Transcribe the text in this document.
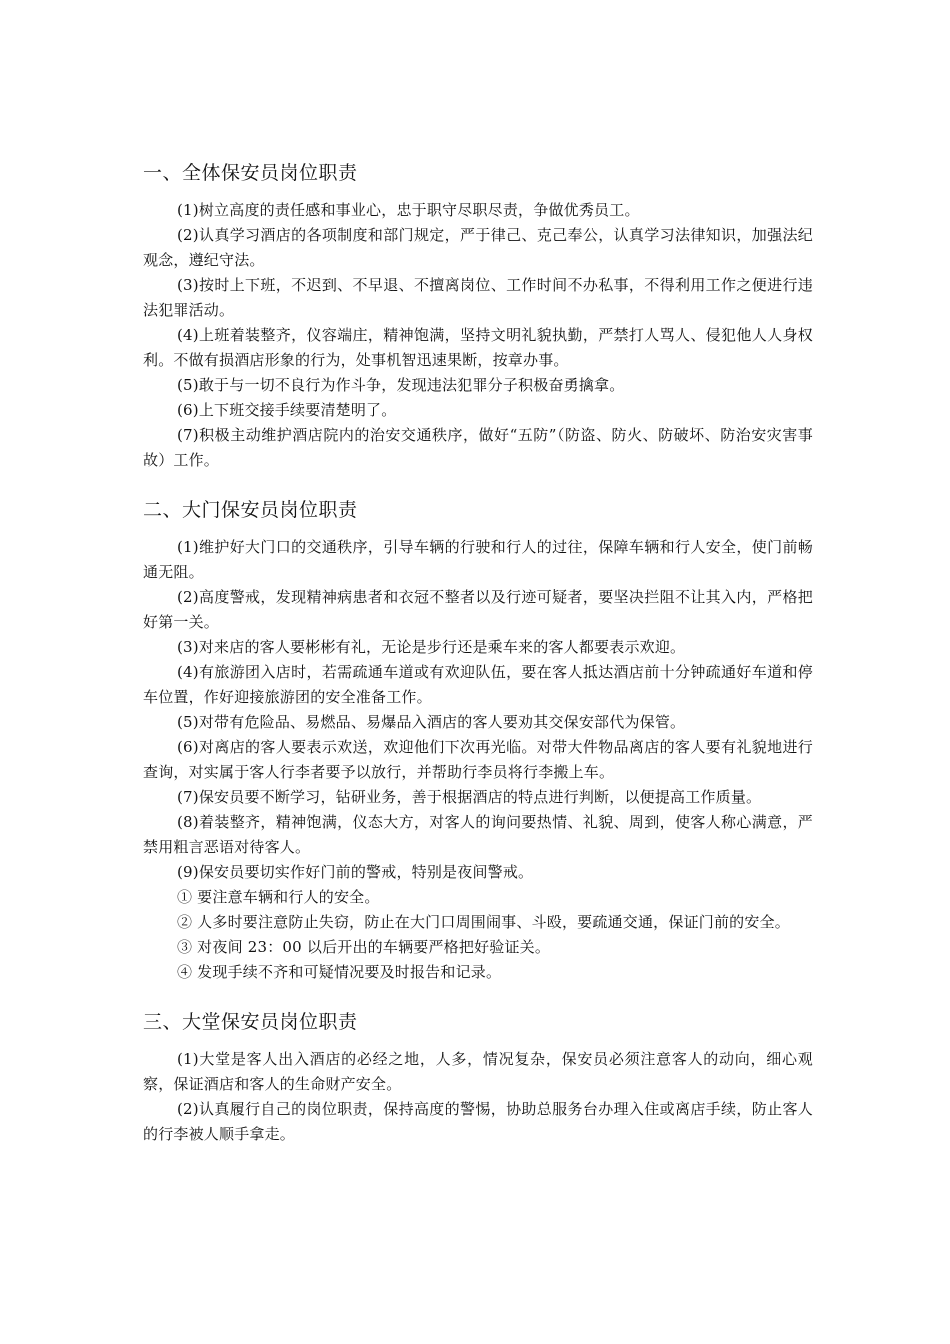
一、全体保安员岗位职责

(1)树立高度的责任感和事业心，忠于职守尽职尽责，争做优秀员工。

(2)认真学习酒店的各项制度和部门规定，严于律己、克己奉公，认真学习法律知识，加强法纪观念，遵纪守法。

(3)按时上下班，不迟到、不早退、不擅离岗位、工作时间不办私事，不得利用工作之便进行违法犯罪活动。

(4)上班着装整齐，仪容端庄，精神饱满，坚持文明礼貌执勤，严禁打人骂人、侵犯他人人身权利。不做有损酒店形象的行为，处事机智迅速果断，按章办事。

(5)敢于与一切不良行为作斗争，发现违法犯罪分子积极奋勇擒拿。

(6)上下班交接手续要清楚明了。

(7)积极主动维护酒店院内的治安交通秩序，做好“五防”（防盗、防火、防破坏、防治安灾害事故）工作。

二、大门保安员岗位职责

(1)维护好大门口的交通秩序，引导车辆的行驶和行人的过往，保障车辆和行人安全，使门前畅通无阻。

(2)高度警戒，发现精神病患者和衣冠不整者以及行迹可疑者，要坚决拦阻不让其入内，严格把好第一关。

(3)对来店的客人要彬彬有礼，无论是步行还是乘车来的客人都要表示欢迎。

(4)有旅游团入店时，若需疏通车道或有欢迎队伍，要在客人抵达酒店前十分钟疏通好车道和停车位置，作好迎接旅游团的安全准备工作。

(5)对带有危险品、易燃品、易爆品入酒店的客人要劝其交保安部代为保管。

(6)对离店的客人要表示欢送，欢迎他们下次再光临。对带大件物品离店的客人要有礼貌地进行查询，对实属于客人行李者要予以放行，并帮助行李员将行李搬上车。

(7)保安员要不断学习，钻研业务，善于根据酒店的特点进行判断，以便提高工作质量。

(8)着装整齐，精神饱满，仪态大方，对客人的询问要热情、礼貌、周到，使客人称心满意，严禁用粗言恶语对待客人。

(9)保安员要切实作好门前的警戒，特别是夜间警戒。

① 要注意车辆和行人的安全。

② 人多时要注意防止失窃，防止在大门口周围闹事、斗殴，要疏通交通，保证门前的安全。

③ 对夜间 23：00 以后开出的车辆要严格把好验证关。

④ 发现手续不齐和可疑情况要及时报告和记录。

三、大堂保安员岗位职责

(1)大堂是客人出入酒店的必经之地，人多，情况复杂，保安员必须注意客人的动向，细心观察，保证酒店和客人的生命财产安全。

(2)认真履行自己的岗位职责，保持高度的警惕，协助总服务台办理入住或离店手续，防止客人的行李被人顺手拿走。
